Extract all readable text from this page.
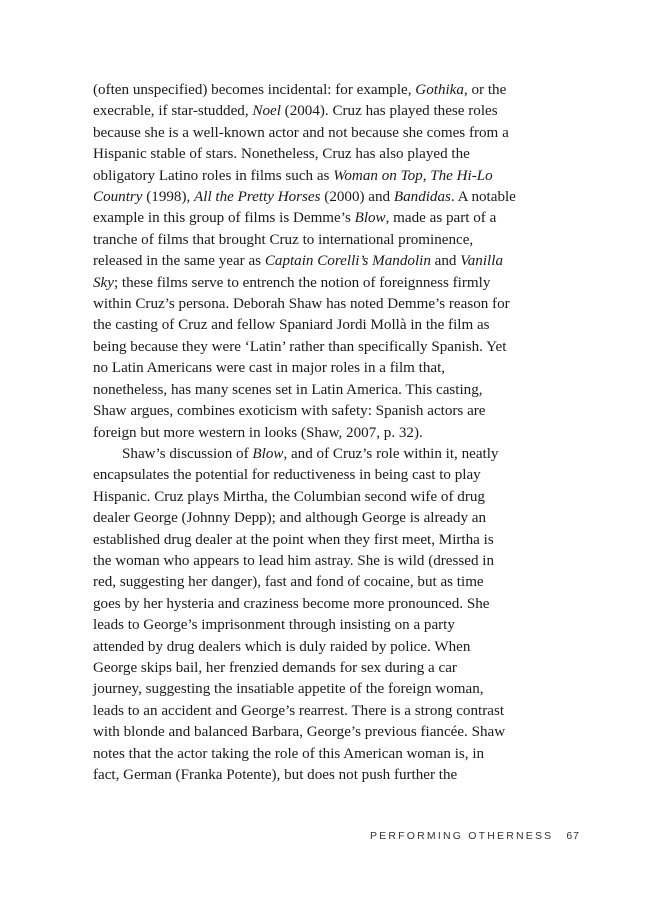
(often unspecified) becomes incidental: for example, Gothika, or the
execrable, if star-studded, Noel (2004). Cruz has played these roles
because she is a well-known actor and not because she comes from a
Hispanic stable of stars. Nonetheless, Cruz has also played the
obligatory Latino roles in films such as Woman on Top, The Hi-Lo
Country (1998), All the Pretty Horses (2000) and Bandidas. A notable
example in this group of films is Demme’s Blow, made as part of a
tranche of films that brought Cruz to international prominence,
released in the same year as Captain Corelli’s Mandolin and Vanilla
Sky; these films serve to entrench the notion of foreignness firmly
within Cruz’s persona. Deborah Shaw has noted Demme’s reason for
the casting of Cruz and fellow Spaniard Jordi Mollà in the film as
being because they were ‘Latin’ rather than specifically Spanish. Yet
no Latin Americans were cast in major roles in a film that,
nonetheless, has many scenes set in Latin America. This casting,
Shaw argues, combines exoticism with safety: Spanish actors are
foreign but more western in looks (Shaw, 2007, p. 32).
Shaw’s discussion of Blow, and of Cruz’s role within it, neatly
encapsulates the potential for reductiveness in being cast to play
Hispanic. Cruz plays Mirtha, the Columbian second wife of drug
dealer George (Johnny Depp); and although George is already an
established drug dealer at the point when they first meet, Mirtha is
the woman who appears to lead him astray. She is wild (dressed in
red, suggesting her danger), fast and fond of cocaine, but as time
goes by her hysteria and craziness become more pronounced. She
leads to George’s imprisonment through insisting on a party
attended by drug dealers which is duly raided by police. When
George skips bail, her frenzied demands for sex during a car
journey, suggesting the insatiable appetite of the foreign woman,
leads to an accident and George’s rearrest. There is a strong contrast
with blonde and balanced Barbara, George’s previous fiancée. Shaw
notes that the actor taking the role of this American woman is, in
fact, German (Franka Potente), but does not push further the
PERFORMING OTHERNESS 67
